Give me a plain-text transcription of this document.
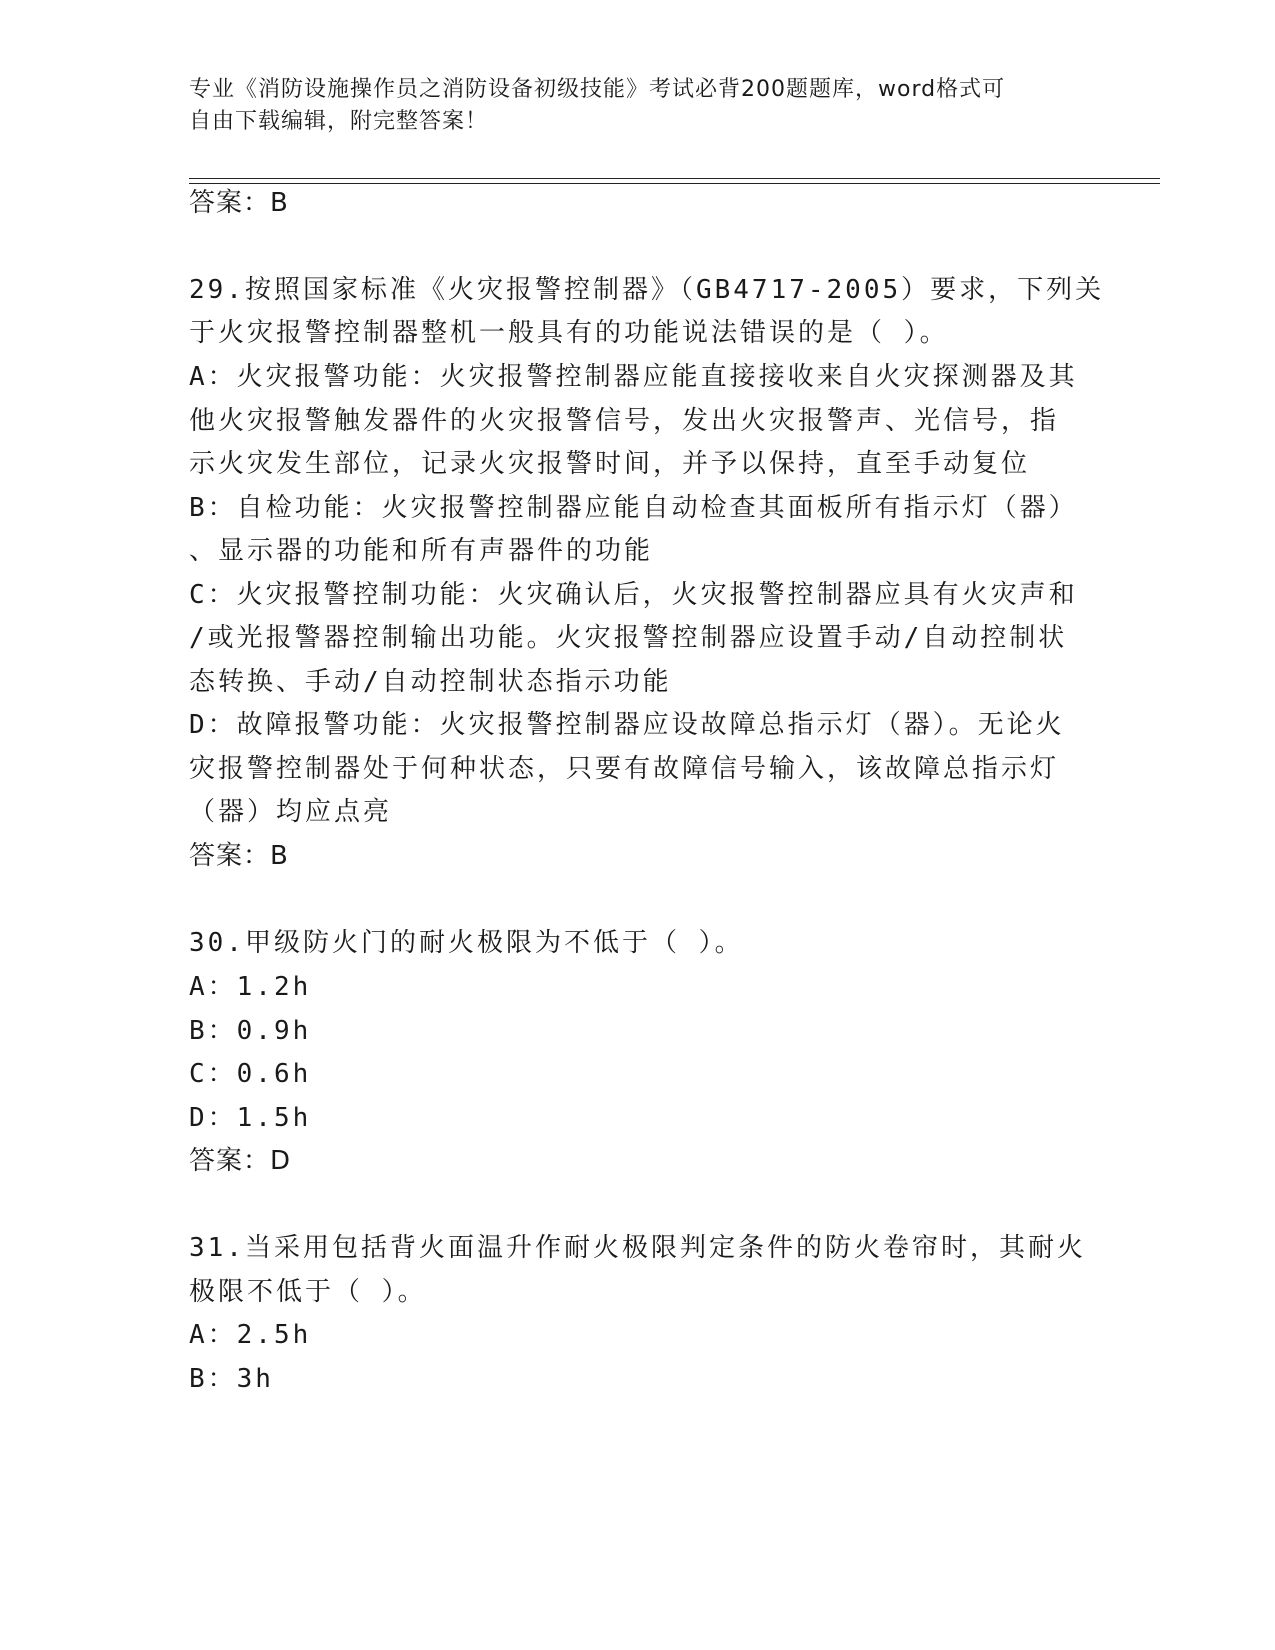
专业《消防设施操作员之消防设备初级技能》考试必背200题题库，word格式可
自由下载编辑，附完整答案！
答案：B
29.按照国家标准《火灾报警控制器》（GB4717-2005）要求，下列关
于火灾报警控制器整机一般具有的功能说法错误的是（ ）。
A：火灾报警功能：火灾报警控制器应能直接接收来自火灾探测器及其
他火灾报警触发器件的火灾报警信号，发出火灾报警声、光信号，指
示火灾发生部位，记录火灾报警时间，并予以保持，直至手动复位
B：自检功能：火灾报警控制器应能自动检查其面板所有指示灯（器）
、显示器的功能和所有声器件的功能
C：火灾报警控制功能：火灾确认后，火灾报警控制器应具有火灾声和
/或光报警器控制输出功能。火灾报警控制器应设置手动/自动控制状
态转换、手动/自动控制状态指示功能
D：故障报警功能：火灾报警控制器应设故障总指示灯（器）。无论火
灾报警控制器处于何种状态，只要有故障信号输入，该故障总指示灯
（器）均应点亮
答案：B
30.甲级防火门的耐火极限为不低于（ ）。
A：1.2h
B：0.9h
C：0.6h
D：1.5h
答案：D
31.当采用包括背火面温升作耐火极限判定条件的防火卷帘时，其耐火
极限不低于（ ）。
A：2.5h
B：3h
